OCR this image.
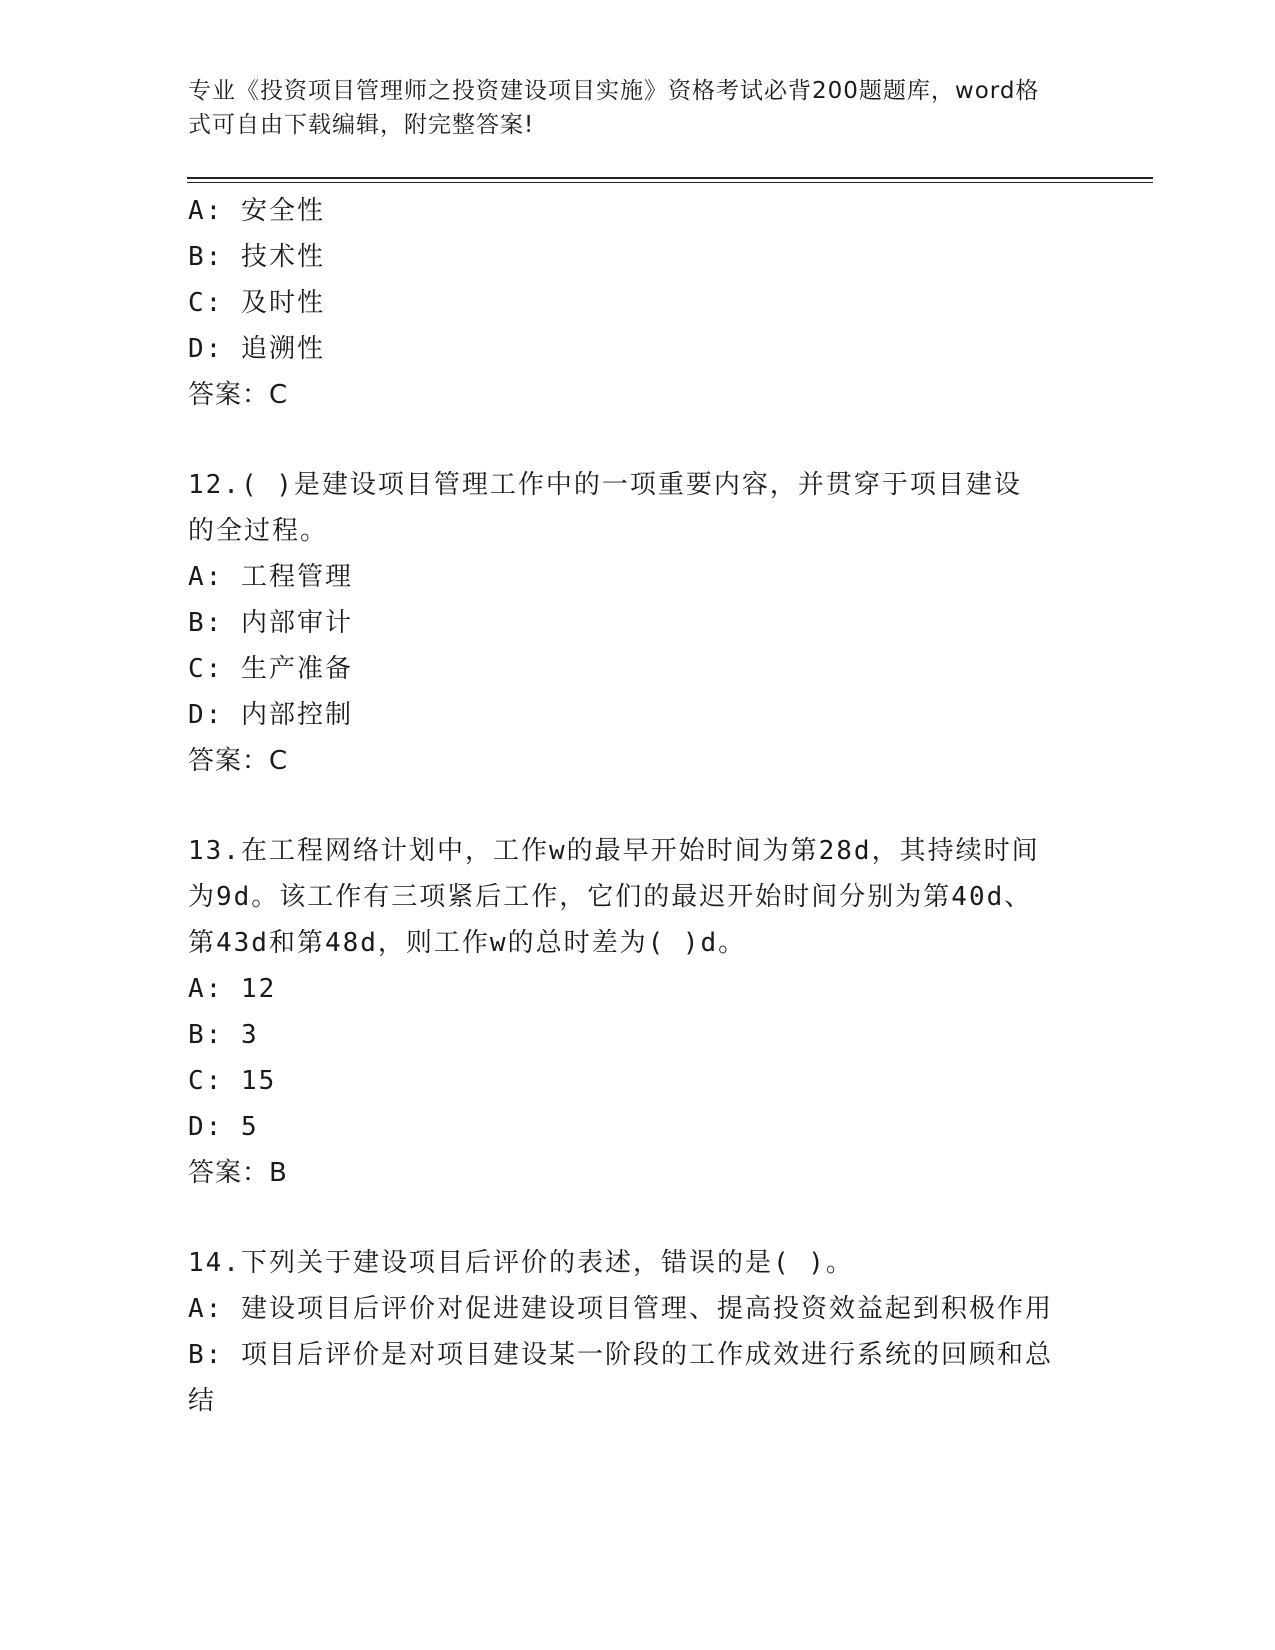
专业《投资项目管理师之投资建设项目实施》资格考试必背200题题库，word格
式可自由下载编辑，附完整答案!
A: 安全性
B: 技术性
C: 及时性
D: 追溯性
答案：C
12.( )是建设项目管理工作中的一项重要内容，并贯穿于项目建设
的全过程。
A: 工程管理
B: 内部审计
C: 生产准备
D: 内部控制
答案：C
13.在工程网络计划中，工作w的最早开始时间为第28d，其持续时间
为9d。该工作有三项紧后工作，它们的最迟开始时间分别为第40d、
第43d和第48d，则工作w的总时差为( )d。
A: 12
B: 3
C: 15
D: 5
答案：B
14.下列关于建设项目后评价的表述，错误的是( )。
A: 建设项目后评价对促进建设项目管理、提高投资效益起到积极作用
B: 项目后评价是对项目建设某一阶段的工作成效进行系统的回顾和总
结
